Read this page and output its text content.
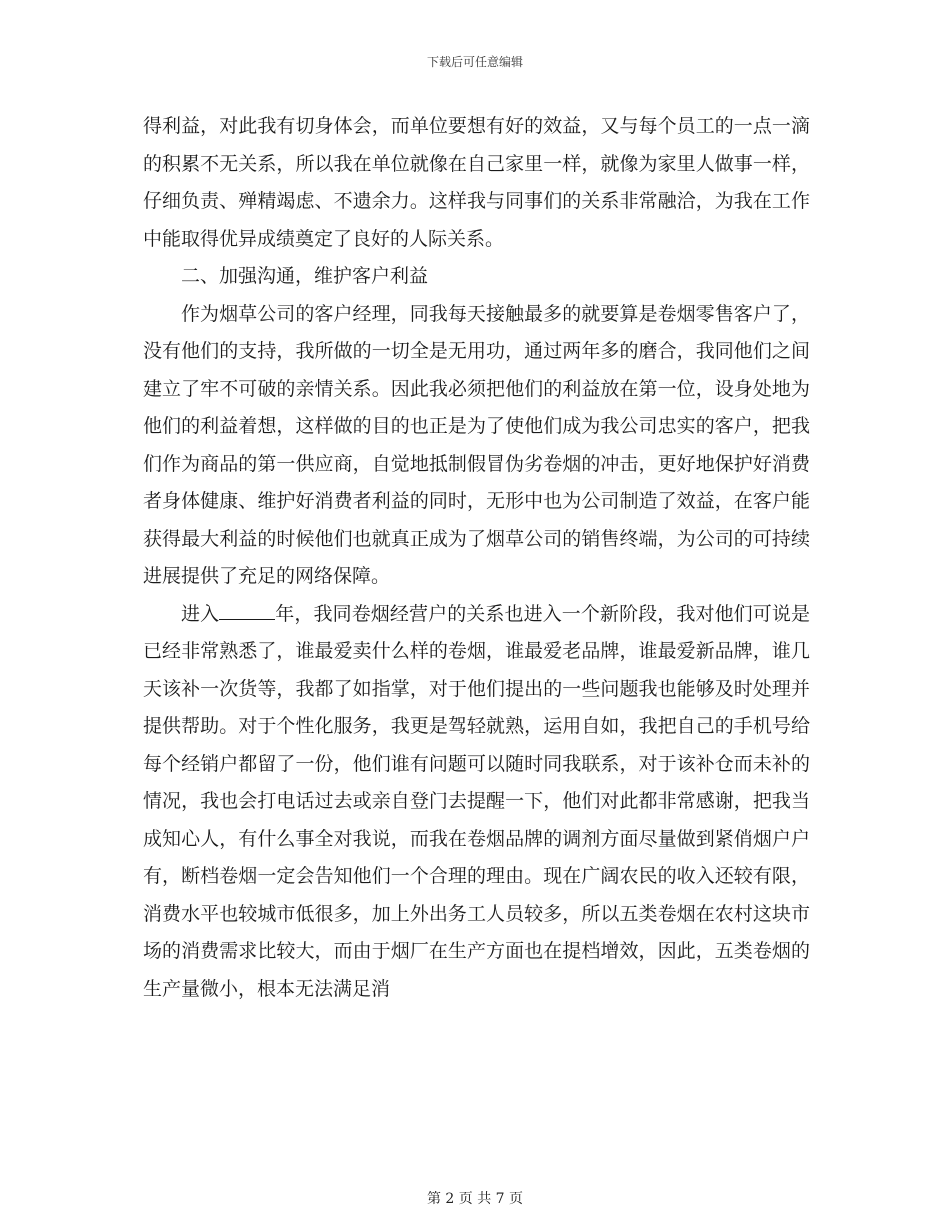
下载后可任意编辑

得利益，对此我有切身体会，而单位要想有好的效益，又与每个员工的一点一滴的积累不无关系，所以我在单位就像在自己家里一样，就像为家里人做事一样，仔细负责、殚精竭虑、不遗余力。这样我与同事们的关系非常融洽，为我在工作中能取得优异成绩奠定了良好的人际关系。

二、加强沟通，维护客户利益

作为烟草公司的客户经理，同我每天接触最多的就要算是卷烟零售客户了，没有他们的支持，我所做的一切全是无用功，通过两年多的磨合，我同他们之间建立了牢不可破的亲情关系。因此我必须把他们的利益放在第一位，设身处地为他们的利益着想，这样做的目的也正是为了使他们成为我公司忠实的客户，把我们作为商品的第一供应商，自觉地抵制假冒伪劣卷烟的冲击，更好地保护好消费者身体健康、维护好消费者利益的同时，无形中也为公司制造了效益，在客户能获得最大利益的时候他们也就真正成为了烟草公司的销售终端，为公司的可持续进展提供了充足的网络保障。

进入	年，我同卷烟经营户的关系也进入一个新阶段，我对他们可说是已经非常熟悉了，谁最爱卖什么样的卷烟，谁最爱老品牌，谁最爱新品牌，谁几天该补一次货等，我都了如指掌，对于他们提出的一些问题我也能够及时处理并提供帮助。对于个性化服务，我更是驾轻就熟，运用自如，我把自己的手机号给每个经销户都留了一份，他们谁有问题可以随时同我联系，对于该补仓而未补的情况，我也会打电话过去或亲自登门去提醒一下，他们对此都非常感谢，把我当成知心人，有什么事全对我说，而我在卷烟品牌的调剂方面尽量做到紧俏烟户户有，断档卷烟一定会告知他们一个合理的理由。现在广阔农民的收入还较有限，消费水平也较城市低很多，加上外出务工人员较多，所以五类卷烟在农村这块市场的消费需求比较大，而由于烟厂在生产方面也在提档增效，因此，五类卷烟的生产量微小，根本无法满足消

第 2 页 共 7 页
